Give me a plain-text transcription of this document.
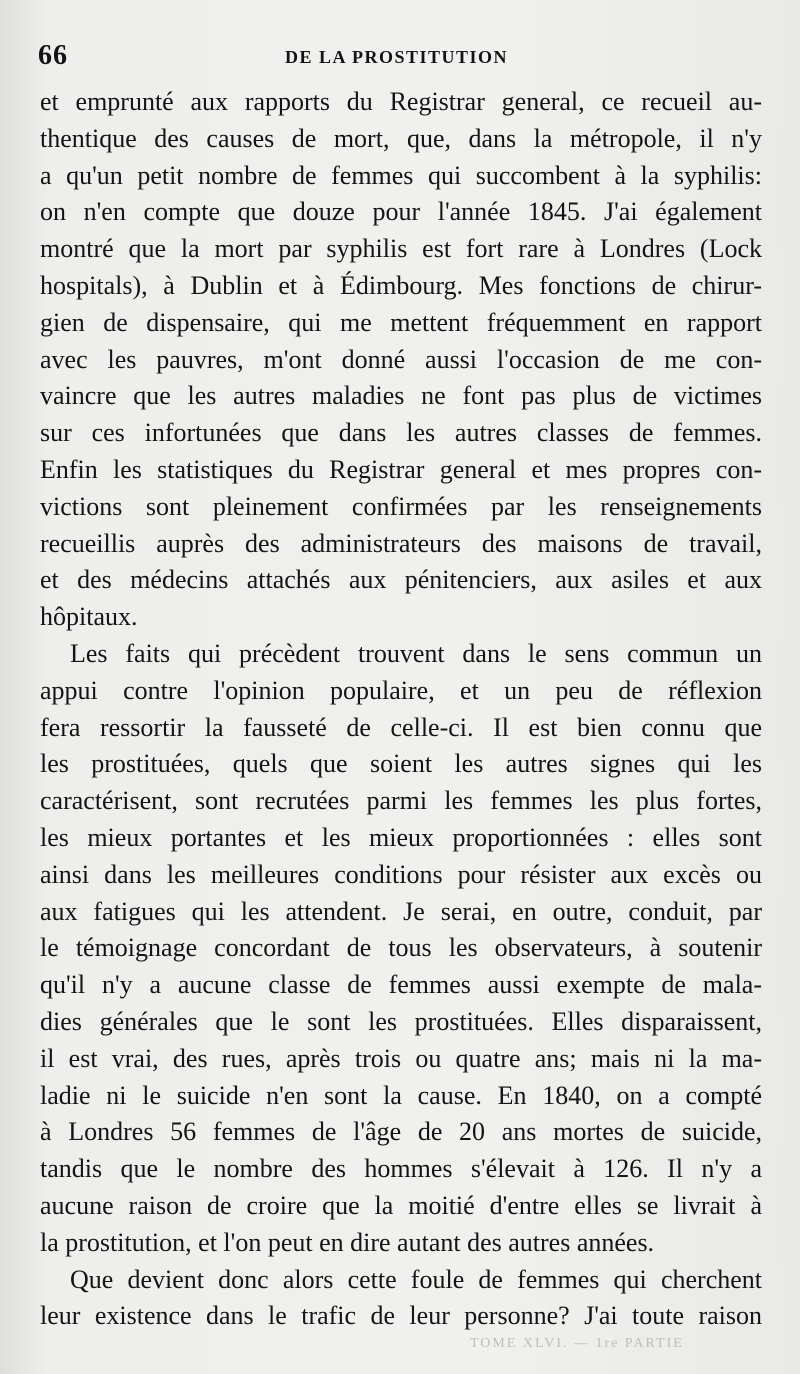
66	DE LA PROSTITUTION
et emprunté aux rapports du Registrar general, ce recueil au-
thentique des causes de mort, que, dans la métropole, il n'y
a qu'un petit nombre de femmes qui succombent à la syphilis:
on n'en compte que douze pour l'année 1845. J'ai également
montré que la mort par syphilis est fort rare à Londres (Lock
hospitals), à Dublin et à Édimbourg. Mes fonctions de chirur-
gien de dispensaire, qui me mettent fréquemment en rapport
avec les pauvres, m'ont donné aussi l'occasion de me con-
vaincre que les autres maladies ne font pas plus de victimes
sur ces infortunées que dans les autres classes de femmes.
Enfin les statistiques du Registrar general et mes propres con-
victions sont pleinement confirmées par les renseignements
recueillis auprès des administrateurs des maisons de travail,
et des médecins attachés aux pénitenciers, aux asiles et aux
hôpitaux.
Les faits qui précèdent trouvent dans le sens commun un
appui contre l'opinion populaire, et un peu de réflexion
fera ressortir la fausseté de celle-ci. Il est bien connu que
les prostituées, quels que soient les autres signes qui les
caractérisent, sont recrutées parmi les femmes les plus fortes,
les mieux portantes et les mieux proportionnées : elles sont
ainsi dans les meilleures conditions pour résister aux excès ou
aux fatigues qui les attendent. Je serai, en outre, conduit, par
le témoignage concordant de tous les observateurs, à soutenir
qu'il n'y a aucune classe de femmes aussi exempte de mala-
dies générales que le sont les prostituées. Elles disparaissent,
il est vrai, des rues, après trois ou quatre ans; mais ni la ma-
ladie ni le suicide n'en sont la cause. En 1840, on a compté
à Londres 56 femmes de l'âge de 20 ans mortes de suicide,
tandis que le nombre des hommes s'élevait à 126. Il n'y a
aucune raison de croire que la moitié d'entre elles se livrait à
la prostitution, et l'on peut en dire autant des autres années.
Que devient donc alors cette foule de femmes qui cherchent
leur existence dans le trafic de leur personne? J'ai toute raison
TOME XLVI. — 1re PARTIE
